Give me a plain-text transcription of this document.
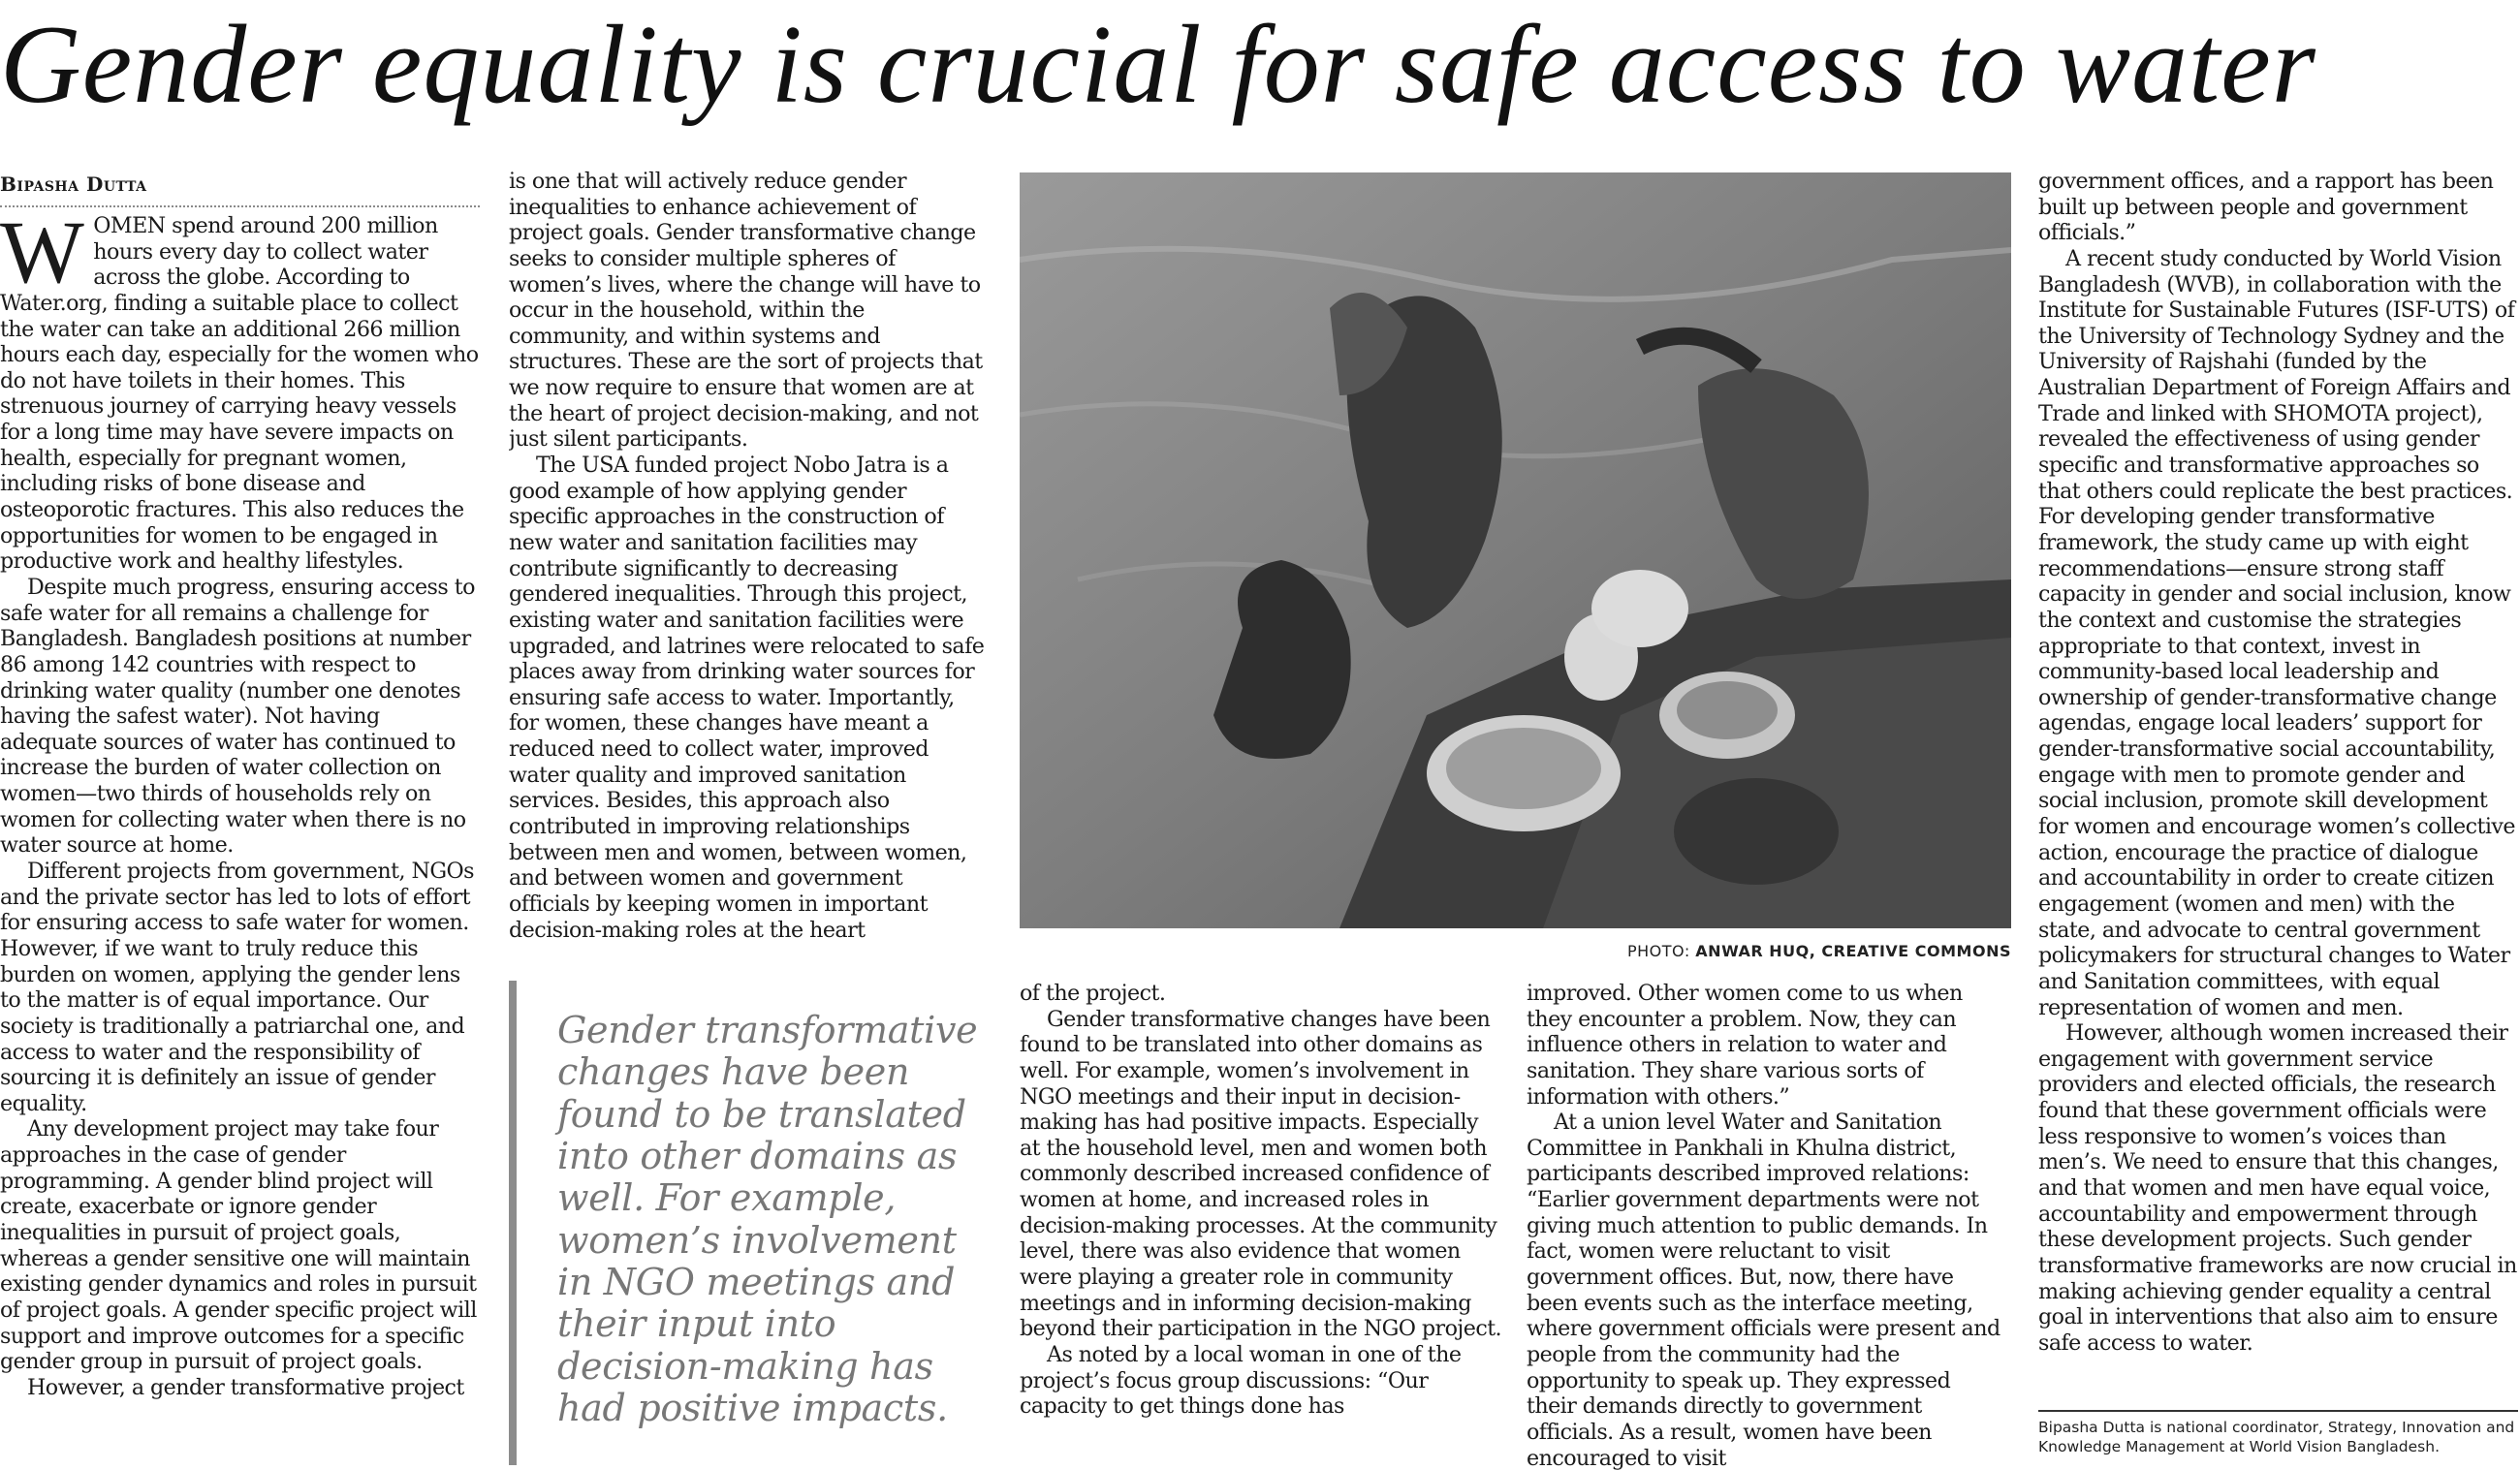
Gender equality is crucial for safe access to water
Bipasha Dutta

WOMEN spend around 200 million hours every day to collect water across the globe. According to Water.org, finding a suitable place to collect the water can take an additional 266 million hours each day, especially for the women who do not have toilets in their homes. This strenuous journey of carrying heavy vessels for a long time may have severe impacts on health, especially for pregnant women, including risks of bone disease and osteoporotic fractures. This also reduces the opportunities for women to be engaged in productive work and healthy lifestyles.

Despite much progress, ensuring access to safe water for all remains a challenge for Bangladesh. Bangladesh positions at number 86 among 142 countries with respect to drinking water quality (number one denotes having the safest water). Not having adequate sources of water has continued to increase the burden of water collection on women—two thirds of households rely on women for collecting water when there is no water source at home.

Different projects from government, NGOs and the private sector has led to lots of effort for ensuring access to safe water for women. However, if we want to truly reduce this burden on women, applying the gender lens to the matter is of equal importance. Our society is traditionally a patriarchal one, and access to water and the responsibility of sourcing it is definitely an issue of gender equality.

Any development project may take four approaches in the case of gender programming. A gender blind project will create, exacerbate or ignore gender inequalities in pursuit of project goals, whereas a gender sensitive one will maintain existing gender dynamics and roles in pursuit of project goals. A gender specific project will support and improve outcomes for a specific gender group in pursuit of project goals.

However, a gender transformative project

is one that will actively reduce gender inequalities to enhance achievement of project goals. Gender transformative change seeks to consider multiple spheres of women’s lives, where the change will have to occur in the household, within the community, and within systems and structures. These are the sort of projects that we now require to ensure that women are at the heart of project decision-making, and not just silent participants.

The USA funded project Nobo Jatra is a good example of how applying gender specific approaches in the construction of new water and sanitation facilities may contribute significantly to decreasing gendered inequalities. Through this project, existing water and sanitation facilities were upgraded, and latrines were relocated to safe places away from drinking water sources for ensuring safe access to water. Importantly, for women, these changes have meant a reduced need to collect water, improved water quality and improved sanitation services. Besides, this approach also contributed in improving relationships between men and women, between women, and between women and government officials by keeping women in important decision-making roles at the heart

PHOTO: ANWAR HUQ, CREATIVE COMMONS
Gender transformative changes have been found to be translated into other domains as well. For example, women’s involvement in NGO meetings and their input into decision-making has had positive impacts.

of the project.

Gender transformative changes have been found to be translated into other domains as well. For example, women’s involvement in NGO meetings and their input in decision-making has had positive impacts. Especially at the household level, men and women both commonly described increased confidence of women at home, and increased roles in decision-making processes. At the community level, there was also evidence that women were playing a greater role in community meetings and in informing decision-making beyond their participation in the NGO project.

As noted by a local woman in one of the project’s focus group discussions: “Our capacity to get things done has

improved. Other women come to us when they encounter a problem. Now, they can influence others in relation to water and sanitation. They share various sorts of information with others.”

At a union level Water and Sanitation Committee in Pankhali in Khulna district, participants described improved relations: “Earlier government departments were not giving much attention to public demands. In fact, women were reluctant to visit government offices. But, now, there have been events such as the interface meeting, where government officials were present and people from the community had the opportunity to speak up. They expressed their demands directly to government officials. As a result, women have been encouraged to visit

government offices, and a rapport has been built up between people and government officials.”

A recent study conducted by World Vision Bangladesh (WVB), in collaboration with the Institute for Sustainable Futures (ISF-UTS) of the University of Technology Sydney and the University of Rajshahi (funded by the Australian Department of Foreign Affairs and Trade and linked with SHOMOTA project), revealed the effectiveness of using gender specific and transformative approaches so that others could replicate the best practices. For developing gender transformative framework, the study came up with eight recommendations—ensure strong staff capacity in gender and social inclusion, know the context and customise the strategies appropriate to that context, invest in community-based local leadership and ownership of gender-transformative change agendas, engage local leaders’ support for gender-transformative social accountability, engage with men to promote gender and social inclusion, promote skill development for women and encourage women’s collective action, encourage the practice of dialogue and accountability in order to create citizen engagement (women and men) with the state, and advocate to central government policymakers for structural changes to Water and Sanitation committees, with equal representation of women and men.

However, although women increased their engagement with government service providers and elected officials, the research found that these government officials were less responsive to women’s voices than men’s. We need to ensure that this changes, and that women and men have equal voice, accountability and empowerment through these development projects. Such gender transformative frameworks are now crucial in making achieving gender equality a central goal in interventions that also aim to ensure safe access to water.

Bipasha Dutta is national coordinator, Strategy, Innovation and Knowledge Management at World Vision Bangladesh.
